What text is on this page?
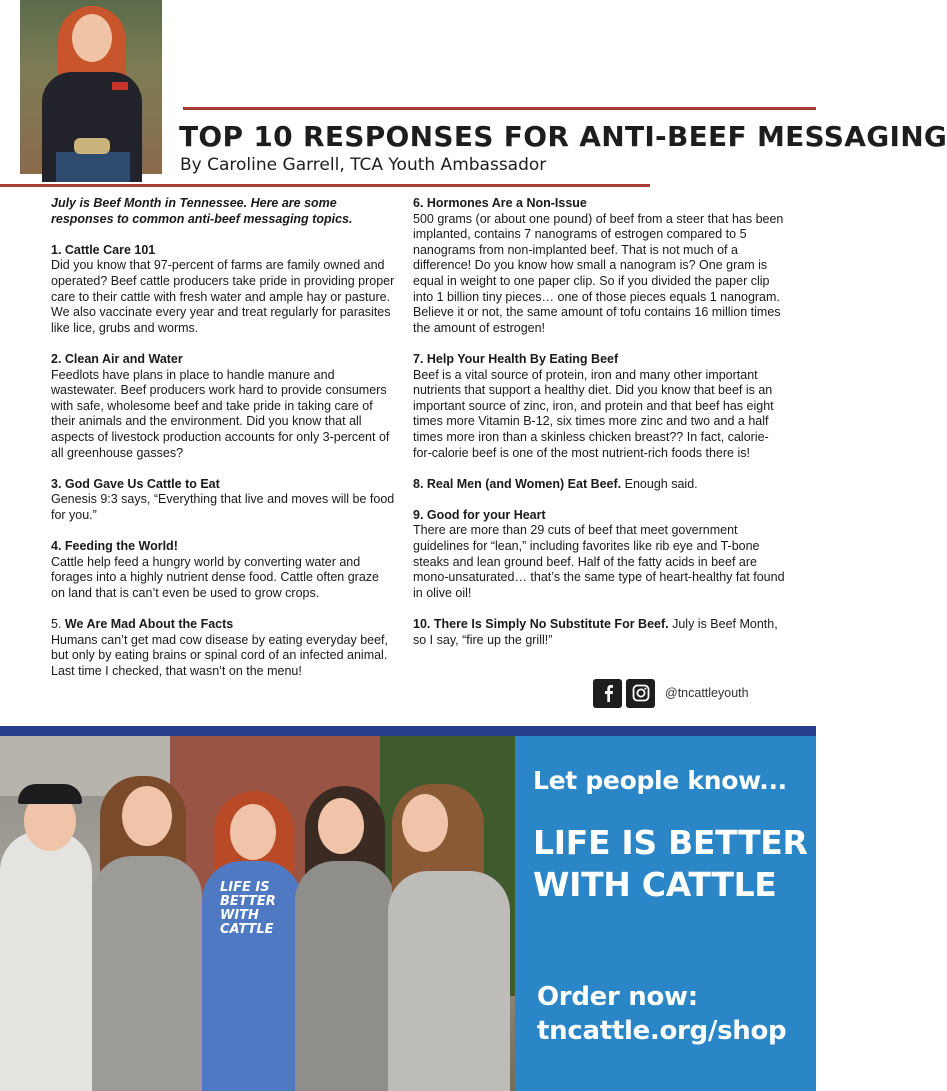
TOP 10 RESPONSES FOR ANTI-BEEF MESSAGING

By Caroline Garrell, TCA Youth Ambassador

July is Beef Month in Tennessee. Here are some responses to common anti-beef messaging topics.

1. Cattle Care 101
Did you know that 97-percent of farms are family owned and operated? Beef cattle producers take pride in providing proper care to their cattle with fresh water and ample hay or pasture. We also vaccinate every year and treat regularly for parasites like lice, grubs and worms.

2. Clean Air and Water
Feedlots have plans in place to handle manure and wastewater. Beef producers work hard to provide consumers with safe, wholesome beef and take pride in taking care of their animals and the environment. Did you know that all aspects of livestock production accounts for only 3-percent of all greenhouse gasses?

3. God Gave Us Cattle to Eat
Genesis 9:3 says, “Everything that live and moves will be food for you.”

4. Feeding the World!
Cattle help feed a hungry world by converting water and forages into a highly nutrient dense food. Cattle often graze on land that is can’t even be used to grow crops.

5. We Are Mad About the Facts
Humans can’t get mad cow disease by eating everyday beef, but only by eating brains or spinal cord of an infected animal. Last time I checked, that wasn’t on the menu!

6. Hormones Are a Non-Issue
500 grams (or about one pound) of beef from a steer that has been implanted, contains 7 nanograms of estrogen compared to 5 nanograms from non-implanted beef. That is not much of a difference! Do you know how small a nanogram is? One gram is equal in weight to one paper clip. So if you divided the paper clip into 1 billion tiny pieces… one of those pieces equals 1 nanogram. Believe it or not, the same amount of tofu contains 16 million times the amount of estrogen!

7. Help Your Health By Eating Beef
Beef is a vital source of protein, iron and many other important nutrients that support a healthy diet. Did you know that beef is an important source of zinc, iron, and protein and that beef has eight times more Vitamin B-12, six times more zinc and two and a half times more iron than a skinless chicken breast?? In fact, calorie-for-calorie beef is one of the most nutrient-rich foods there is!

8. Real Men (and Women) Eat Beef. Enough said.

9. Good for your Heart
There are more than 29 cuts of beef that meet government guidelines for “lean,” including favorites like rib eye and T-bone steaks and lean ground beef. Half of the fatty acids in beef are mono-unsaturated… that’s the same type of heart-healthy fat found in olive oil!

10. There Is Simply No Substitute For Beef. July is Beef Month, so I say, “fire up the grill!”

@tncattleyouth
LIFE IS
BETTER
WITH
CATTLE
Let people know...
LIFE IS BETTER
WITH CATTLE
Order now:
tncattle.org/shop
